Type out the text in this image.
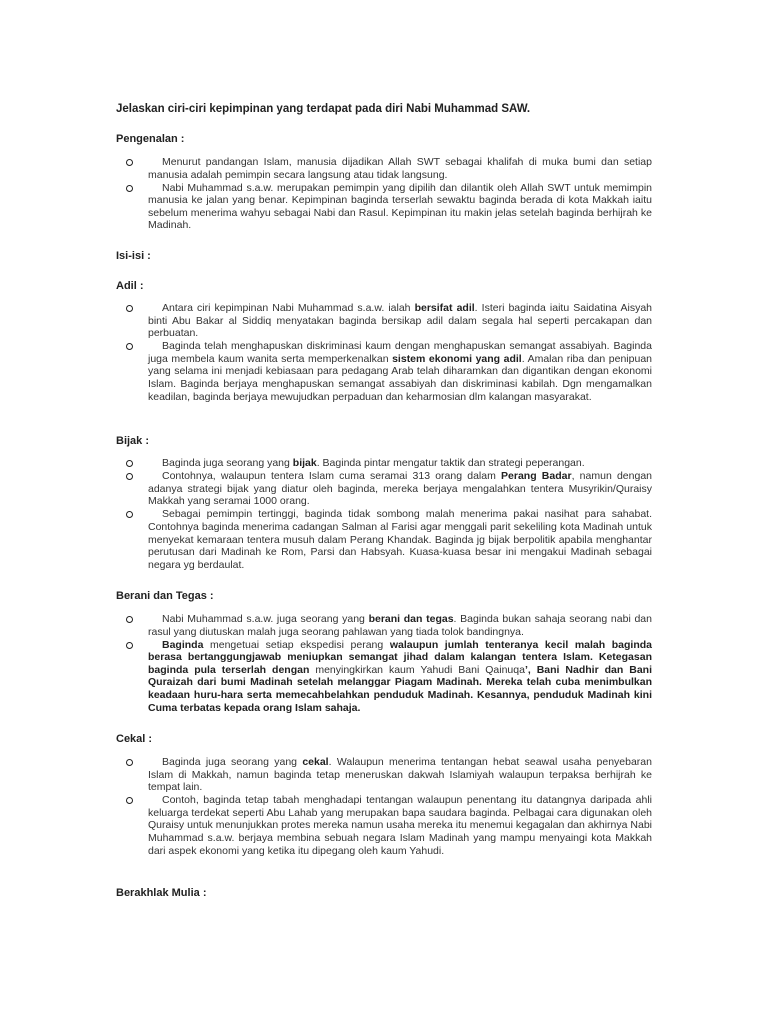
Jelaskan ciri-ciri kepimpinan yang terdapat pada diri Nabi Muhammad SAW.
Pengenalan :
Menurut pandangan Islam, manusia dijadikan Allah SWT sebagai khalifah di muka bumi dan setiap manusia adalah pemimpin secara langsung atau tidak langsung.
Nabi Muhammad s.a.w. merupakan pemimpin yang dipilih dan dilantik oleh Allah SWT untuk memimpin manusia ke jalan yang benar. Kepimpinan baginda terserlah sewaktu baginda berada di kota Makkah iaitu sebelum menerima wahyu sebagai Nabi dan Rasul. Kepimpinan itu makin jelas setelah baginda berhijrah ke Madinah.
Isi-isi :
Adil :
Antara ciri kepimpinan Nabi Muhammad s.a.w. ialah bersifat adil. Isteri baginda iaitu Saidatina Aisyah binti Abu Bakar al Siddiq menyatakan baginda bersikap adil dalam segala hal seperti percakapan dan perbuatan.
Baginda telah menghapuskan diskriminasi kaum dengan menghapuskan semangat assabiyah. Baginda juga membela kaum wanita serta memperkenalkan sistem ekonomi yang adil. Amalan riba dan penipuan yang selama ini menjadi kebiasaan para pedagang Arab telah diharamkan dan digantikan dengan ekonomi Islam. Baginda berjaya menghapuskan semangat assabiyah dan diskriminasi kabilah. Dgn mengamalkan keadilan, baginda berjaya mewujudkan perpaduan dan keharmosian dlm kalangan masyarakat.
Bijak :
Baginda juga seorang yang bijak. Baginda pintar mengatur taktik dan strategi peperangan.
Contohnya, walaupun tentera Islam cuma seramai 313 orang dalam Perang Badar, namun dengan adanya strategi bijak yang diatur oleh baginda, mereka berjaya mengalahkan tentera Musyrikin/Quraisy Makkah yang seramai 1000 orang.
Sebagai pemimpin tertinggi, baginda tidak sombong malah menerima pakai nasihat para sahabat. Contohnya baginda menerima cadangan Salman al Farisi agar menggali parit sekeliling kota Madinah untuk menyekat kemaraan tentera musuh dalam Perang Khandak. Baginda jg bijak berpolitik apabila menghantar perutusan dari Madinah ke Rom, Parsi dan Habsyah. Kuasa-kuasa besar ini mengakui Madinah sebagai negara yg berdaulat.
Berani dan Tegas :
Nabi Muhammad s.a.w. juga seorang yang berani dan tegas. Baginda bukan sahaja seorang nabi dan rasul yang diutuskan malah juga seorang pahlawan yang tiada tolok bandingnya.
Baginda mengetuai setiap ekspedisi perang walaupun jumlah tenteranya kecil malah baginda berasa bertanggungjawab meniupkan semangat jihad dalam kalangan tentera Islam. Ketegasan baginda pula terserlah dengan menyingkirkan kaum Yahudi Bani Qainuqa’, Bani Nadhir dan Bani Quraizah dari bumi Madinah setelah melanggar Piagam Madinah. Mereka telah cuba menimbulkan keadaan huru-hara serta memecahbelahkan penduduk Madinah. Kesannya, penduduk Madinah kini Cuma terbatas kepada orang Islam sahaja.
Cekal :
Baginda juga seorang yang cekal. Walaupun menerima tentangan hebat seawal usaha penyebaran Islam di Makkah, namun baginda tetap meneruskan dakwah Islamiyah walaupun terpaksa berhijrah ke tempat lain.
Contoh, baginda tetap tabah menghadapi tentangan walaupun penentang itu datangnya daripada ahli keluarga terdekat seperti Abu Lahab yang merupakan bapa saudara baginda. Pelbagai cara digunakan oleh Quraisy untuk menunjukkan protes mereka namun usaha mereka itu menemui kegagalan dan akhirnya Nabi Muhammad s.a.w. berjaya membina sebuah negara Islam Madinah yang mampu menyaingi kota Makkah dari aspek ekonomi yang ketika itu dipegang oleh kaum Yahudi.
Berakhlak Mulia :
